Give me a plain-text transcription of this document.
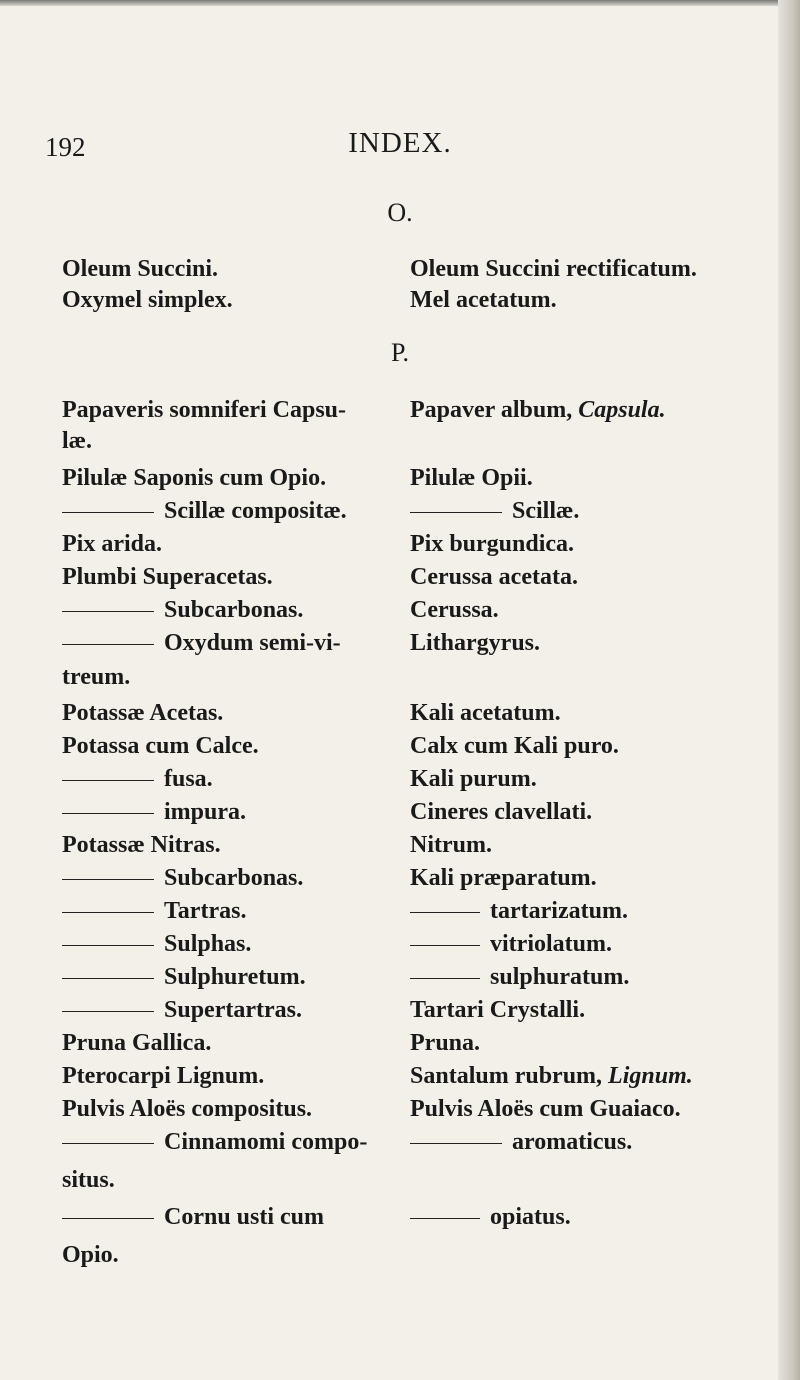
192	INDEX.
O.
Oleum Succini.
Oxymel simplex.
Oleum Succini rectificatum.
Mel acetatum.
P.
Papaveris somniferi Capsu-
læ.
Pilulæ Saponis cum Opio.
Scillæ compositæ.
Pix arida.
Plumbi Superacetas.
Subcarbonas.
Oxydum semi-vi-
treum.
Potassæ Acetas.
Potassa cum Calce.
fusa.
impura.
Potassæ Nitras.
Subcarbonas.
Tartras.
Sulphas.
Sulphuretum.
Supertartras.
Pruna Gallica.
Pterocarpi Lignum.
Pulvis Aloës compositus.
Cinnamomi compo-
situs.
Cornu usti cum
Opio.
Papaver album, Capsula.
Pilulæ Opii.
Scillæ.
Pix burgundica.
Cerussa acetata.
Cerussa.
Lithargyrus.
Kali acetatum.
Calx cum Kali puro.
Kali purum.
Cineres clavellati.
Nitrum.
Kali præparatum.
tartarizatum.
vitriolatum.
sulphuratum.
Tartari Crystalli.
Pruna.
Santalum rubrum, Lignum.
Pulvis Aloës cum Guaiaco.
aromaticus.
opiatus.
